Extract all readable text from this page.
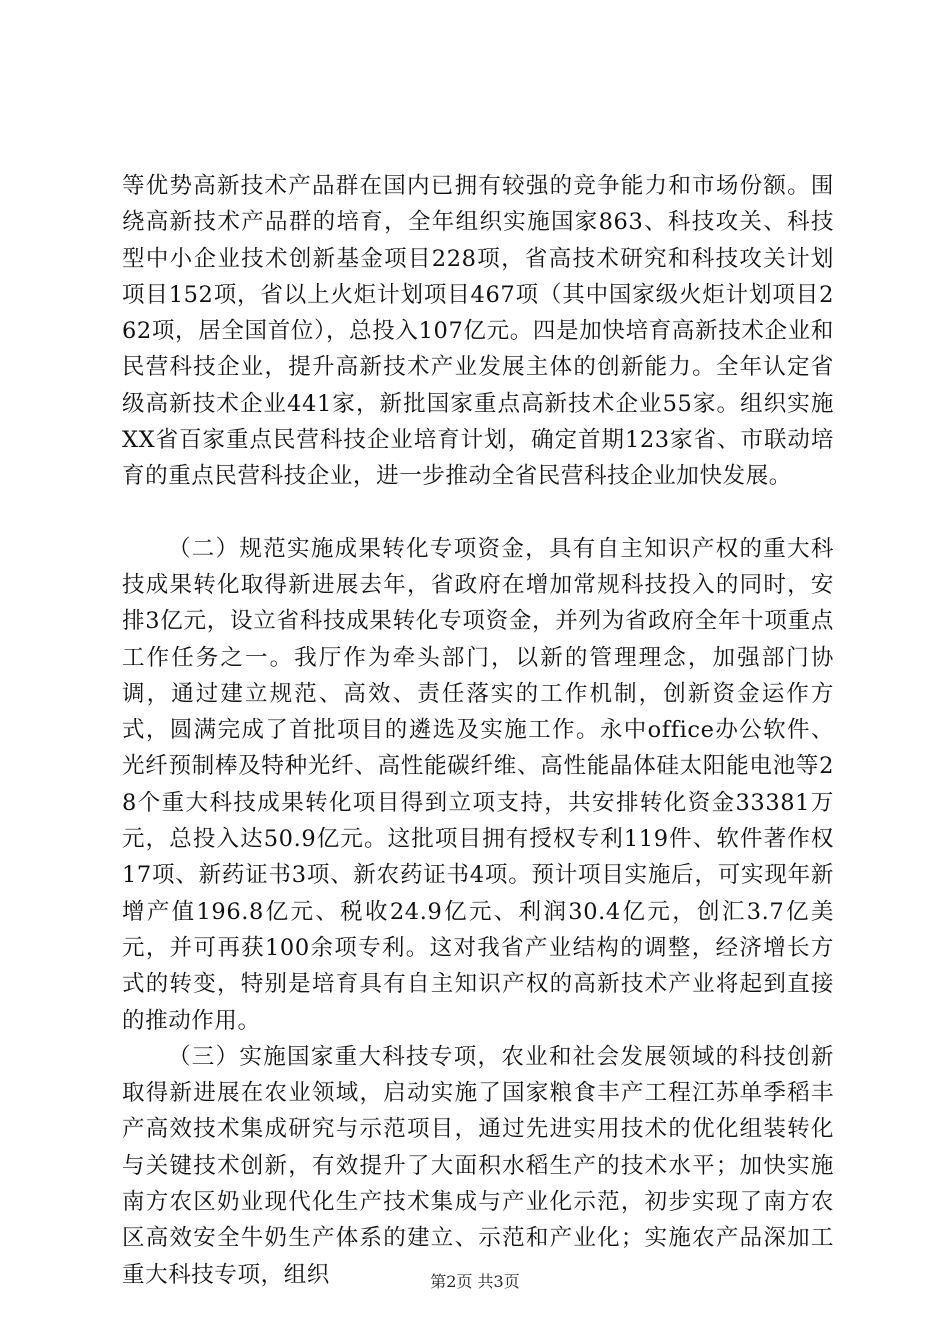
等优势高新技术产品群在国内已拥有较强的竞争能力和市场份额。围绕高新技术产品群的培育，全年组织实施国家863、科技攻关、科技型中小企业技术创新基金项目228项，省高技术研究和科技攻关计划项目152项，省以上火炬计划项目467项（其中国家级火炬计划项目262项，居全国首位），总投入107亿元。四是加快培育高新技术企业和民营科技企业，提升高新技术产业发展主体的创新能力。全年认定省级高新技术企业441家，新批国家重点高新技术企业55家。组织实施XX省百家重点民营科技企业培育计划，确定首期123家省、市联动培育的重点民营科技企业，进一步推动全省民营科技企业加快发展。

（二）规范实施成果转化专项资金，具有自主知识产权的重大科技成果转化取得新进展去年，省政府在增加常规科技投入的同时，安排3亿元，设立省科技成果转化专项资金，并列为省政府全年十项重点工作任务之一。我厅作为牵头部门，以新的管理理念，加强部门协调，通过建立规范、高效、责任落实的工作机制，创新资金运作方式，圆满完成了首批项目的遴选及实施工作。永中office办公软件、光纤预制棒及特种光纤、高性能碳纤维、高性能晶体硅太阳能电池等28个重大科技成果转化项目得到立项支持，共安排转化资金33381万元，总投入达50.9亿元。这批项目拥有授权专利119件、软件著作权17项、新药证书3项、新农药证书4项。预计项目实施后，可实现年新增产值196.8亿元、税收24.9亿元、利润30.4亿元，创汇3.7亿美元，并可再获100余项专利。这对我省产业结构的调整，经济增长方式的转变，特别是培育具有自主知识产权的高新技术产业将起到直接的推动作用。

（三）实施国家重大科技专项，农业和社会发展领域的科技创新取得新进展在农业领域，启动实施了国家粮食丰产工程江苏单季稻丰产高效技术集成研究与示范项目，通过先进实用技术的优化组装转化与关键技术创新，有效提升了大面积水稻生产的技术水平；加快实施南方农区奶业现代化生产技术集成与产业化示范，初步实现了南方农区高效安全牛奶生产体系的建立、示范和产业化；实施农产品深加工重大科技专项，组织	第2页 共3页
